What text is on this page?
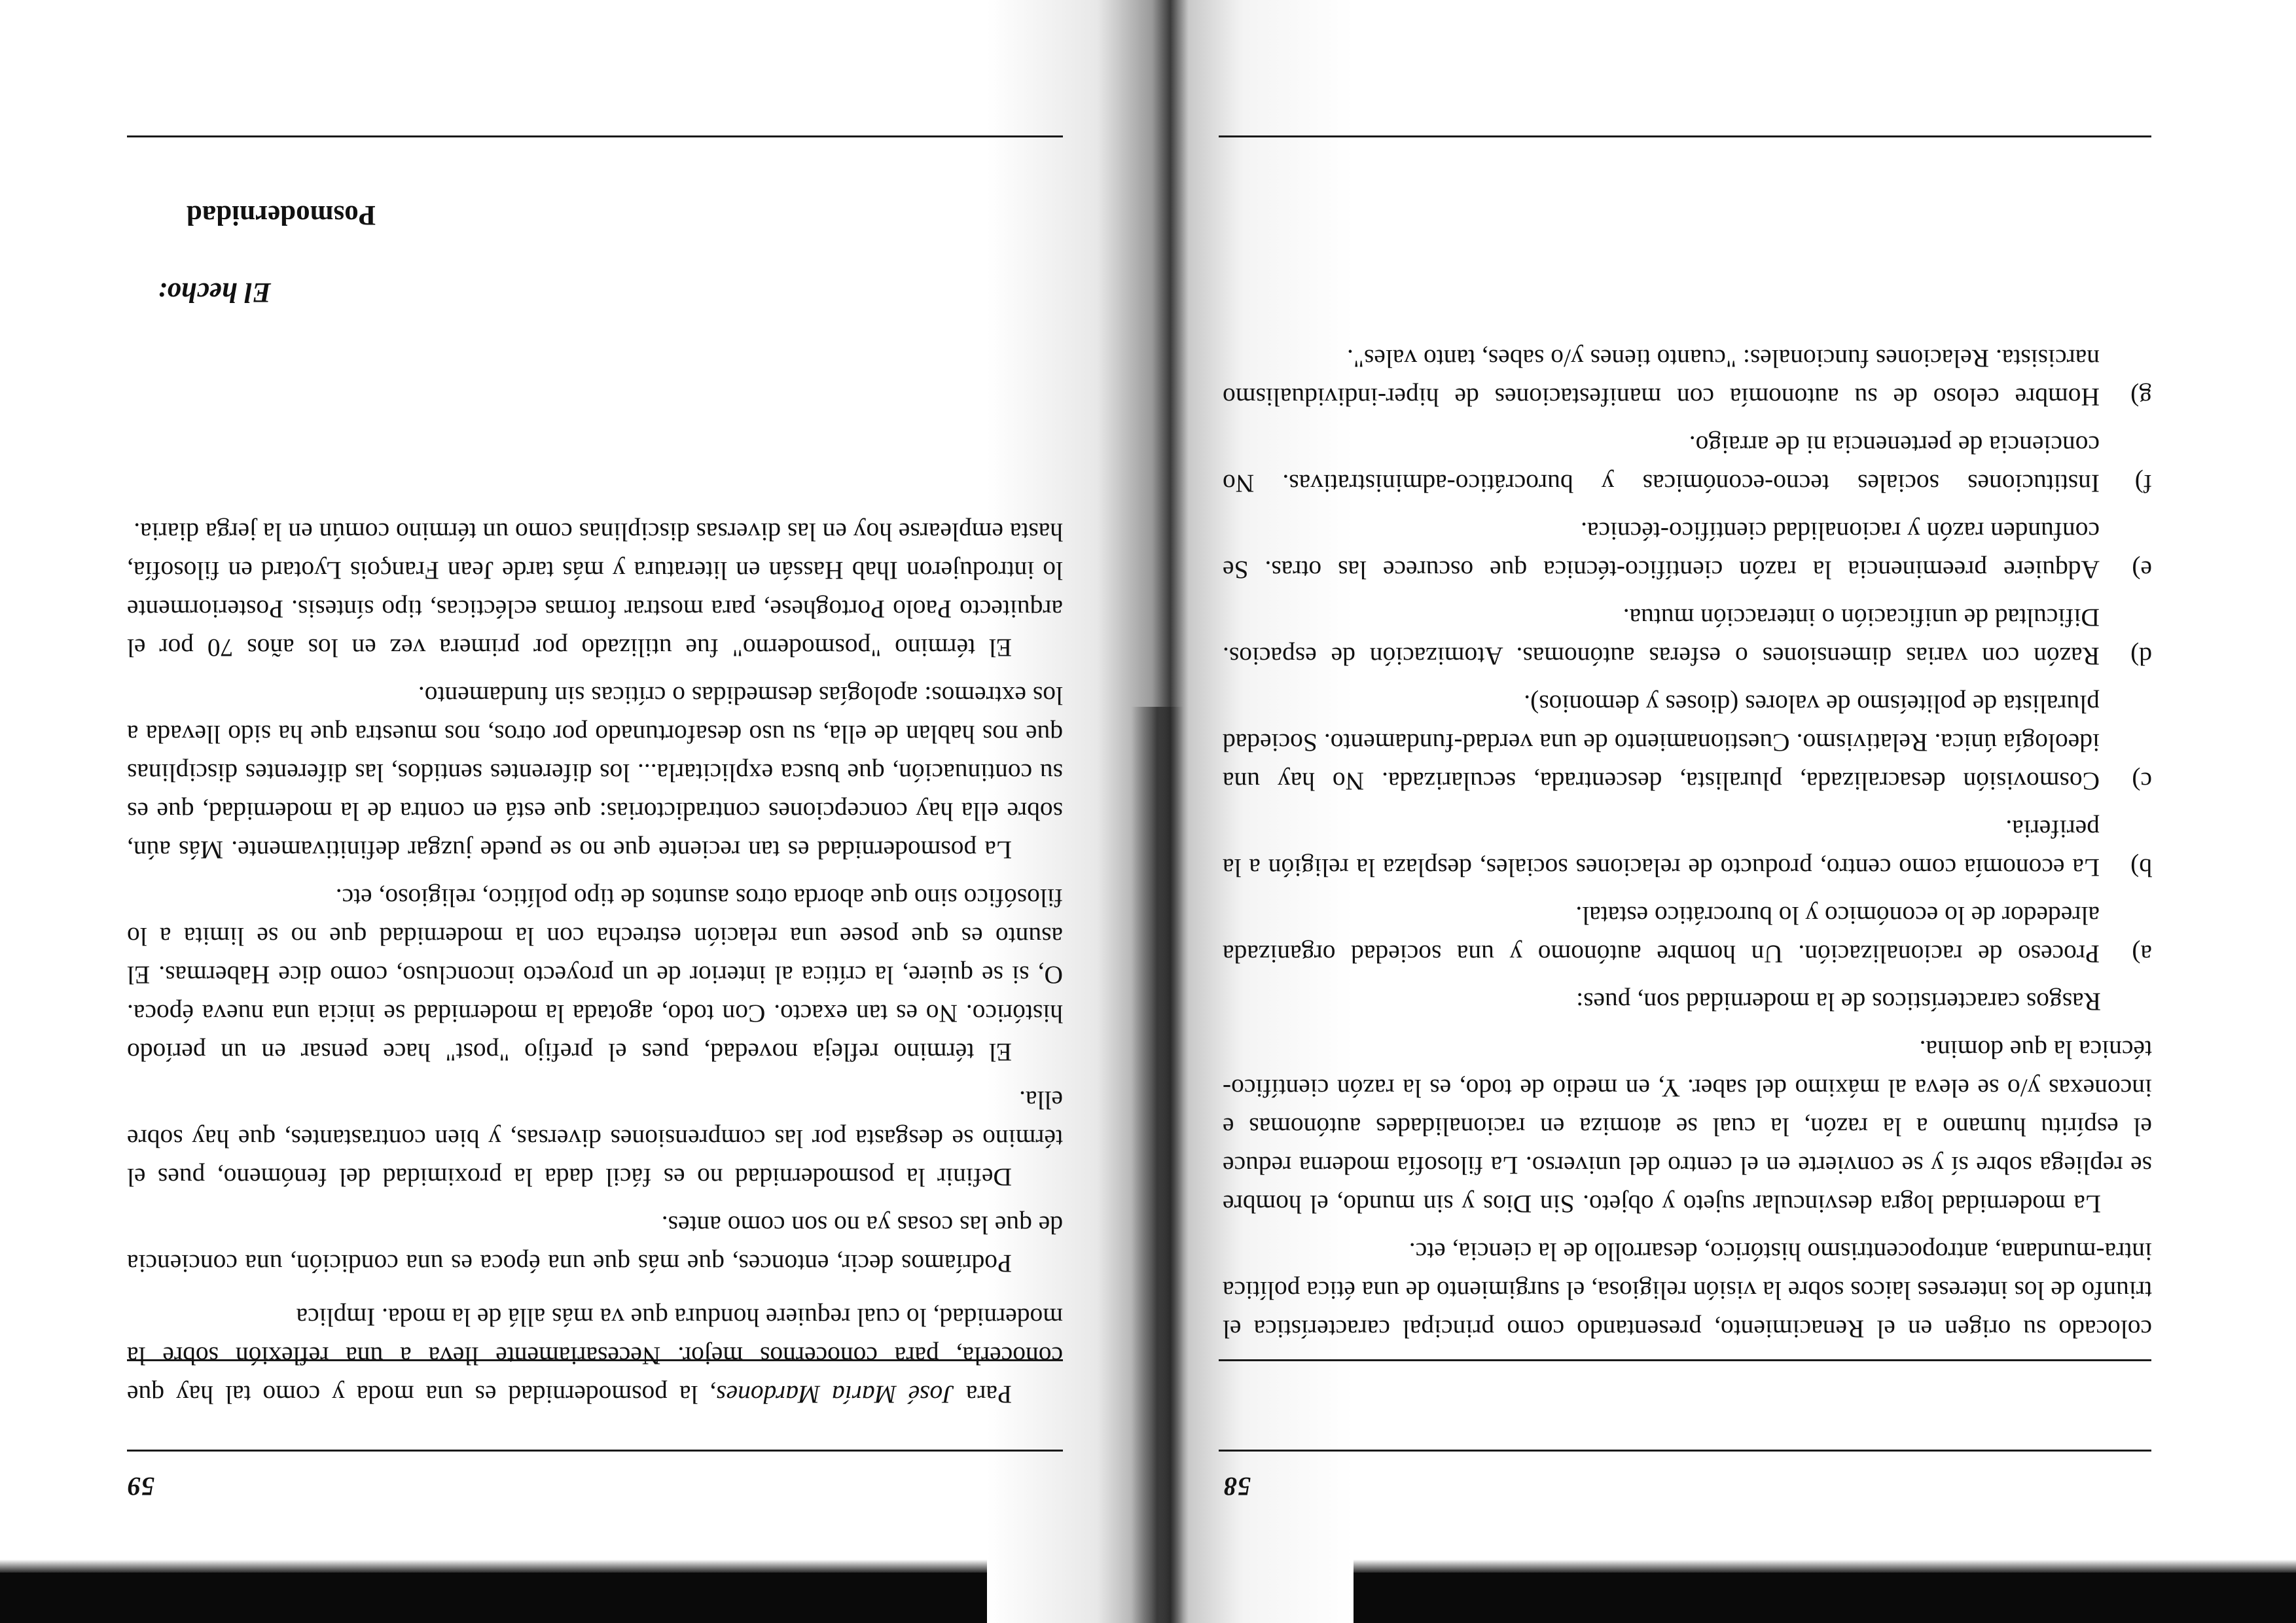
58

colocado su origen en el Renacimiento, presentando como principal característica el triunfo de los intereses laicos sobre la visión religiosa, el surgimiento de una ética política intra-mundana, antropocentrismo histórico, desarrollo de la ciencia, etc.

La modernidad logra desvincular sujeto y objeto. Sin Dios y sin mundo, el hombre se repliega sobre sí y se convierte en el centro del universo. La filosofía moderna reduce el espíritu humano a la razón, la cual se atomiza en racionalidades autónomas e inconexas y/o se eleva al máximo del saber. Y, en medio de todo, es la razón científico-técnica la que domina.

Rasgos característicos de la modernidad son, pues:

a)
Proceso de racionalización. Un hombre autónomo y una sociedad organizada alrededor de lo económico y lo burocrático estatal.
b)
La economía como centro, producto de relaciones sociales, desplaza la religión a la periferia.
c)
Cosmovisión desacralizada, pluralista, descentrada, secularizada. No hay una ideología única. Relativismo. Cuestionamiento de una verdad-fundamento. Sociedad pluralista de politeísmo de valores (dioses y demonios).
d)
Razón con varias dimensiones o esferas autónomas. Atomización de espacios. Dificultad de unificación o interacción mutua.
e)
Adquiere preeminencia la razón científico-técnica que oscurece las otras. Se confunden razón y racionalidad científico-técnica.
f)
Instituciones sociales tecno-económicas y burocrático-administrativas. No conciencia de pertenencia ni de arraigo.
g)
Hombre celoso de su autonomía con manifestaciones de hiper-individualismo narcisista. Relaciones funcionales: "cuanto tienes y/o sabes, tanto vales".
59

Para José María Mardones, la posmodernidad es una moda y como tal hay que conocerla, para conocernos mejor. Necesariamente lleva a una reflexión sobre la modernidad, lo cual requiere hondura que va más allá de la moda. Implica

Podríamos decir, entonces, que más que una época es una condición, una conciencia de que las cosas ya no son como antes.

Definir la posmodernidad no es fácil dada la proximidad del fenómeno, pues el término se desgasta por las comprensiones diversas, y bien contrastantes, que hay sobre ella.

El término refleja novedad, pues el prefijo "post" hace pensar en un período histórico. No es tan exacto. Con todo, agotada la modernidad se inicia una nueva época. O, si se quiere, la crítica al interior de un proyecto inconcluso, como dice Habermas. El asunto es que posee una relación estrecha con la modernidad que no se limita a lo filosófico sino que aborda otros asuntos de tipo político, religioso, etc.

La posmodernidad es tan reciente que no se puede juzgar definitivamente. Más aún, sobre ella hay concepciones contradictorias: que está en contra de la modernidad, que es su continuación, que busca explicitarla... los diferentes sentidos, las diferentes disciplinas que nos hablan de ella, su uso desafortunado por otros, nos muestra que ha sido llevada a los extremos: apologías desmedidas o críticas sin fundamento.

El término "posmoderno" fue utilizado por primera vez en los años 70 por el arquitecto Paolo Portoghese, para mostrar formas eclécticas, tipo síntesis. Posteriormente lo introdujeron Ihab Hassán en literatura y más tarde Jean François Lyotard en filosofía, hasta emplearse hoy en las diversas disciplinas como un término común en la jerga diaria.

El hecho:
Posmodernidad
